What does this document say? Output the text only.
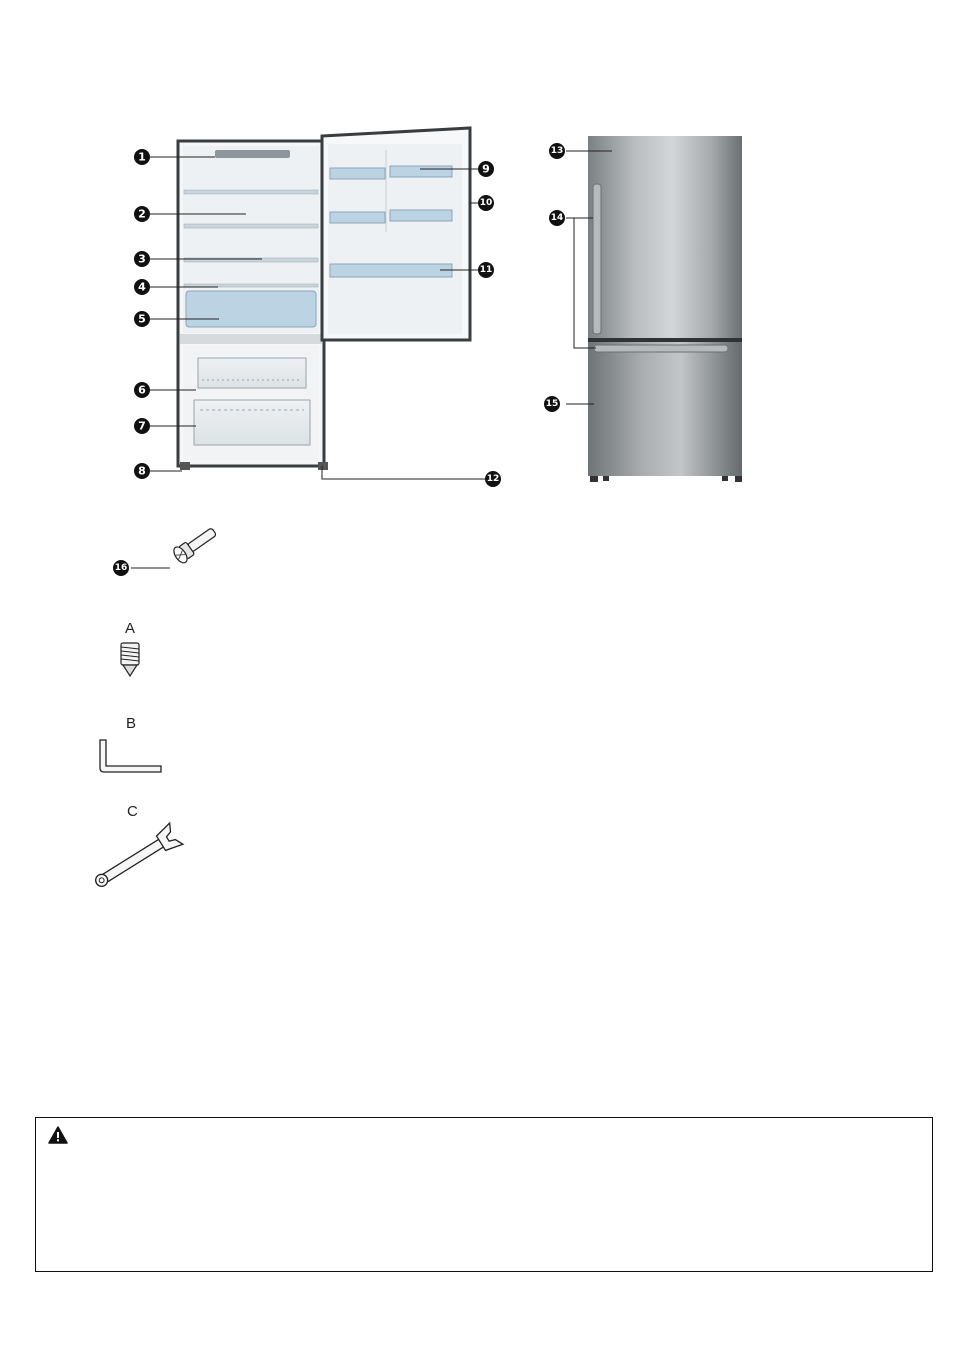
1
2
3
4
5
6
7
8
9
10
11
12
13
14
15
16
A
B
C
